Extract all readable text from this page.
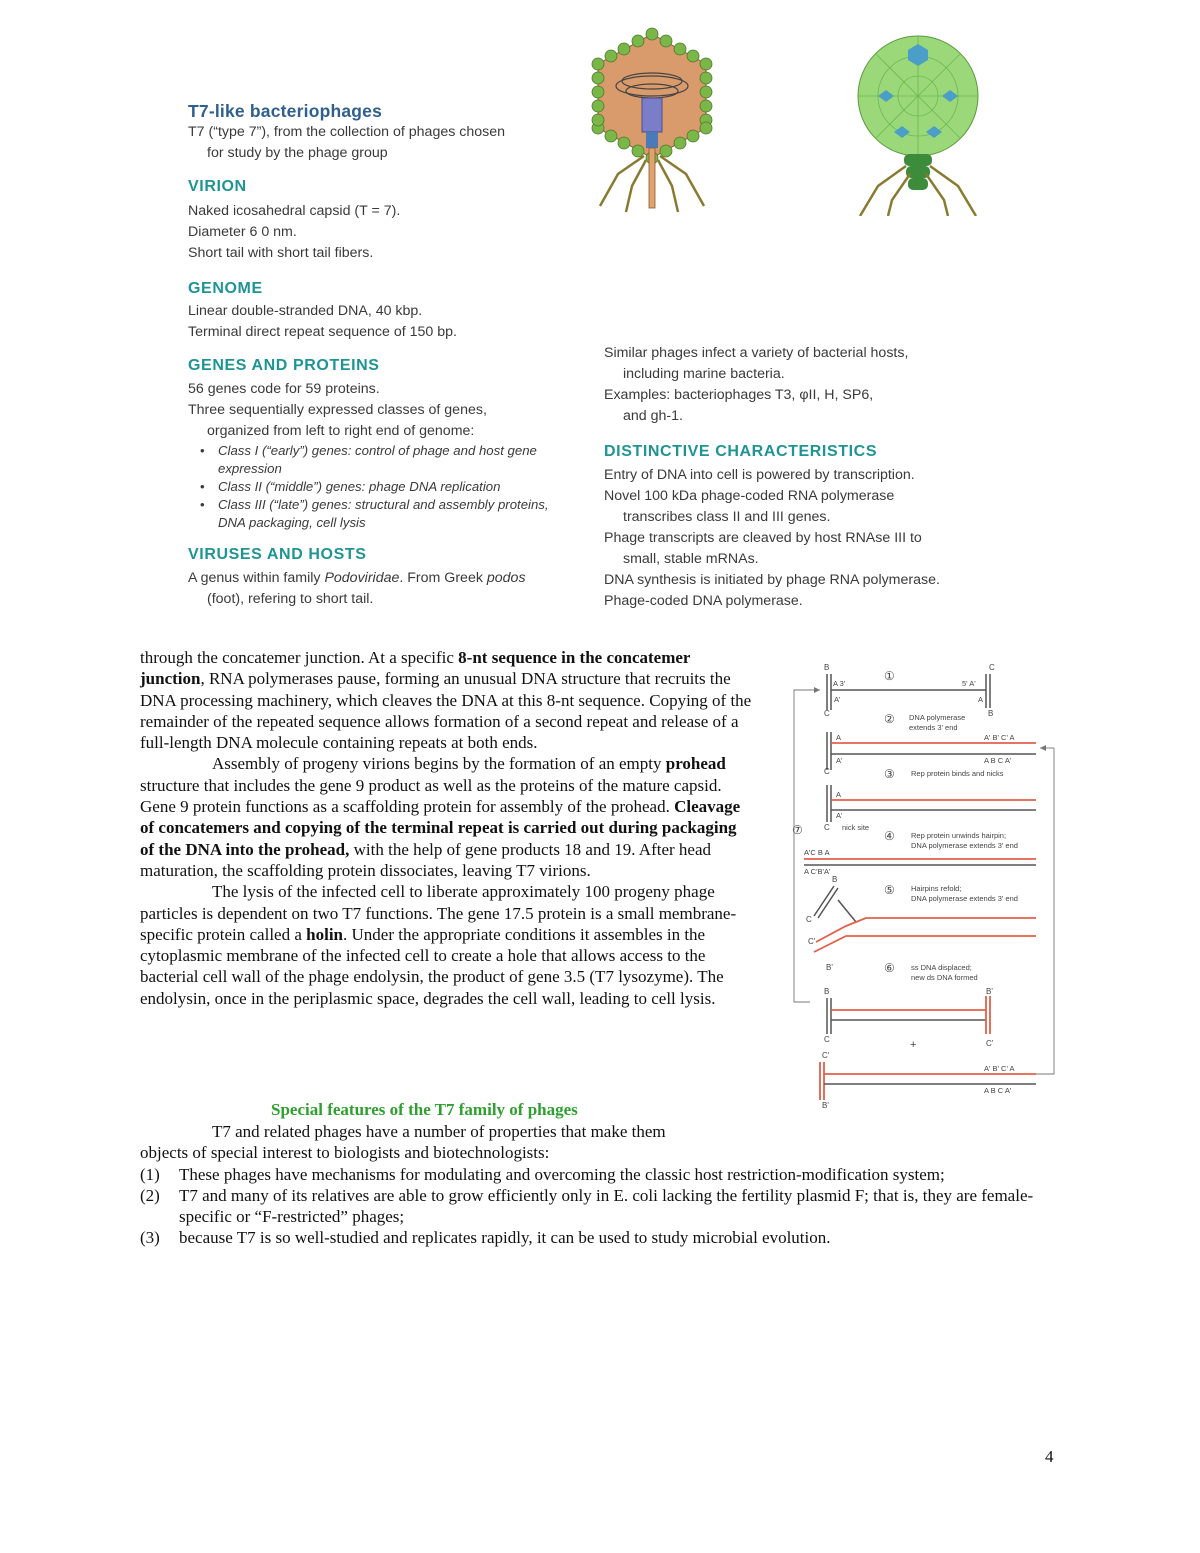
T7-like bacteriophages

T7 (“type 7”), from the collection of phages chosen

for study by the phage group

VIRION

Naked icosahedral capsid (T = 7).

Diameter 6 0 nm.

Short tail with short tail fibers.

GENOME

Linear double-stranded DNA, 40 kbp.

Terminal direct repeat sequence of 150 bp.

GENES AND PROTEINS

56 genes code for 59 proteins.

Three sequentially expressed classes of genes,

organized from left to right end of genome:

• Class I (“early”) genes: control of phage and host gene expression
• Class II (“middle”) genes: phage DNA replication
• Class III (“late”) genes: structural and assembly proteins, DNA packaging, cell lysis
VIRUSES AND HOSTS

A genus within family Podoviridae. From Greek podos

(foot), refering to short tail.

Similar phages infect a variety of bacterial hosts,

including marine bacteria.

Examples: bacteriophages T3, φII, H, SP6,

and gh-1.

DISTINCTIVE CHARACTERISTICS

Entry of DNA into cell is powered by transcription.

Novel 100 kDa phage-coded RNA polymerase

transcribes class II and III genes.

Phage transcripts are cleaved by host RNAse III to

small, stable mRNAs.

DNA synthesis is initiated by phage RNA polymerase.

Phage-coded DNA polymerase.

through the concatemer junction. At a specific 8-nt sequence in the concatemer junction, RNA polymerases pause, forming an unusual DNA structure that recruits the DNA processing machinery, which cleaves the DNA at this 8-nt sequence. Copying of the remainder of the repeated sequence allows formation of a second repeat and release of a full-length DNA molecule containing repeats at both ends.

Assembly of progeny virions begins by the formation of an empty prohead structure that includes the gene 9 product as well as the proteins of the mature capsid. Gene 9 protein functions as a scaffolding protein for assembly of the prohead. Cleavage of concatemers and copying of the terminal repeat is carried out during packaging of the DNA into the prohead, with the help of gene products 18 and 19. After head maturation, the scaffolding protein dissociates, leaving T7 virions.

The lysis of the infected cell to liberate approximately 100 progeny phage particles is dependent on two T7 functions. The gene 17.5 protein is a small membrane-specific protein called a holin. Under the appropriate conditions it assembles in the cytoplasmic membrane of the infected cell to create a hole that allows access to the bacterial cell wall of the phage endolysin, the product of gene 3.5 (T7 lysozyme). The endolysin, once in the periplasmic space, degrades the cell wall, leading to cell lysis.

Special features of the T7 family of phages

T7 and related phages have a number of properties that make them

objects of special interest to biologists and biotechnologists:

(1)	These phages have mechanisms for modulating and overcoming the classic host restriction-modification system;
(2)	T7 and many of its relatives are able to grow efficiently only in E. coli lacking the fertility plasmid F; that is, they are female- specific or “F-restricted” phages;
(3)	because T7 is so well-studied and replicates rapidly, it can be used to study microbial evolution.
4
B	C
A 3'	5' A'
A'	A
C	B
①
② DNA polymerase
extends 3' end
A
A'
A' B' C' A
A B C A'
C	③ Rep protein binds and nicks
A
A'
C nick site
⑦	④ Rep protein unwinds hairpin;
DNA polymerase extends 3' end
A'C B A
A C'B'A'
⑤ Hairpins refold;
DNA polymerase extends 3' end
B
C
C'
B'	⑥ ss DNA displaced;
new ds DNA formed
B	B'
C'
C	+
C'
A' B' C' A
A B C A'
B'
